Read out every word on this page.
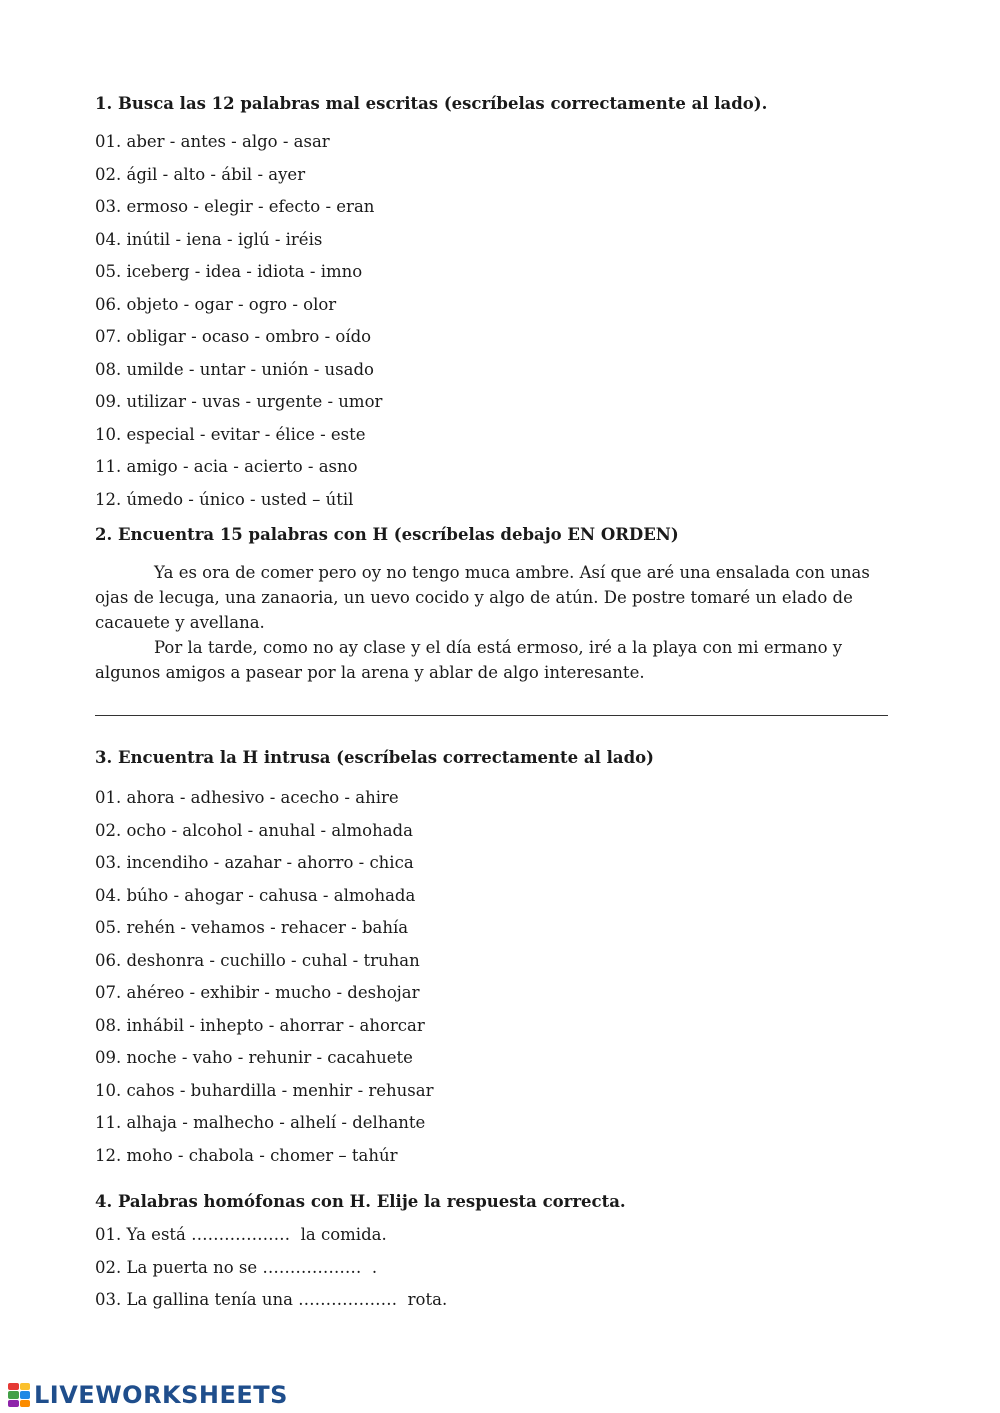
1. Busca las 12 palabras mal escritas (escríbelas correctamente al lado).

01. aber - antes - algo - asar

02. ágil - alto - ábil - ayer

03. ermoso - elegir - efecto - eran

04. inútil - iena - iglú - iréis

05. iceberg - idea - idiota - imno

06. objeto - ogar - ogro - olor

07. obligar - ocaso - ombro - oído

08. umilde - untar - unión - usado

09. utilizar - uvas - urgente - umor

10. especial - evitar - élice - este

11. amigo - acia - acierto - asno

12. úmedo - único - usted – útil

2. Encuentra 15 palabras con H (escríbelas debajo EN ORDEN)

Ya es ora de comer pero oy no tengo muca ambre. Así que aré una ensalada con unas ojas de lecuga, una zanaoria, un uevo cocido y algo de atún. De postre tomaré un elado de cacauete y avellana.

Por la tarde, como no ay clase y el día está ermoso, iré a la playa con mi ermano y algunos amigos a pasear por la arena y ablar de algo interesante.

3. Encuentra la H intrusa (escríbelas correctamente al lado)

01. ahora - adhesivo - acecho - ahire

02. ocho - alcohol - anuhal - almohada

03. incendiho - azahar - ahorro - chica

04. búho - ahogar - cahusa - almohada

05. rehén - vehamos - rehacer - bahía

06. deshonra - cuchillo - cuhal - truhan

07. ahéreo - exhibir - mucho - deshojar

08. inhábil - inhepto - ahorrar - ahorcar

09. noche - vaho - rehunir - cacahuete

10. cahos - buhardilla - menhir - rehusar

11. alhaja - malhecho - alhelí - delhante

12. moho - chabola - chomer – tahúr

4. Palabras homófonas con H. Elije la respuesta correcta.

01. Ya está ………………  la comida.

02. La puerta no se ………………  .

03. La gallina tenía una ………………  rota.

LIVEWORKSHEETS
